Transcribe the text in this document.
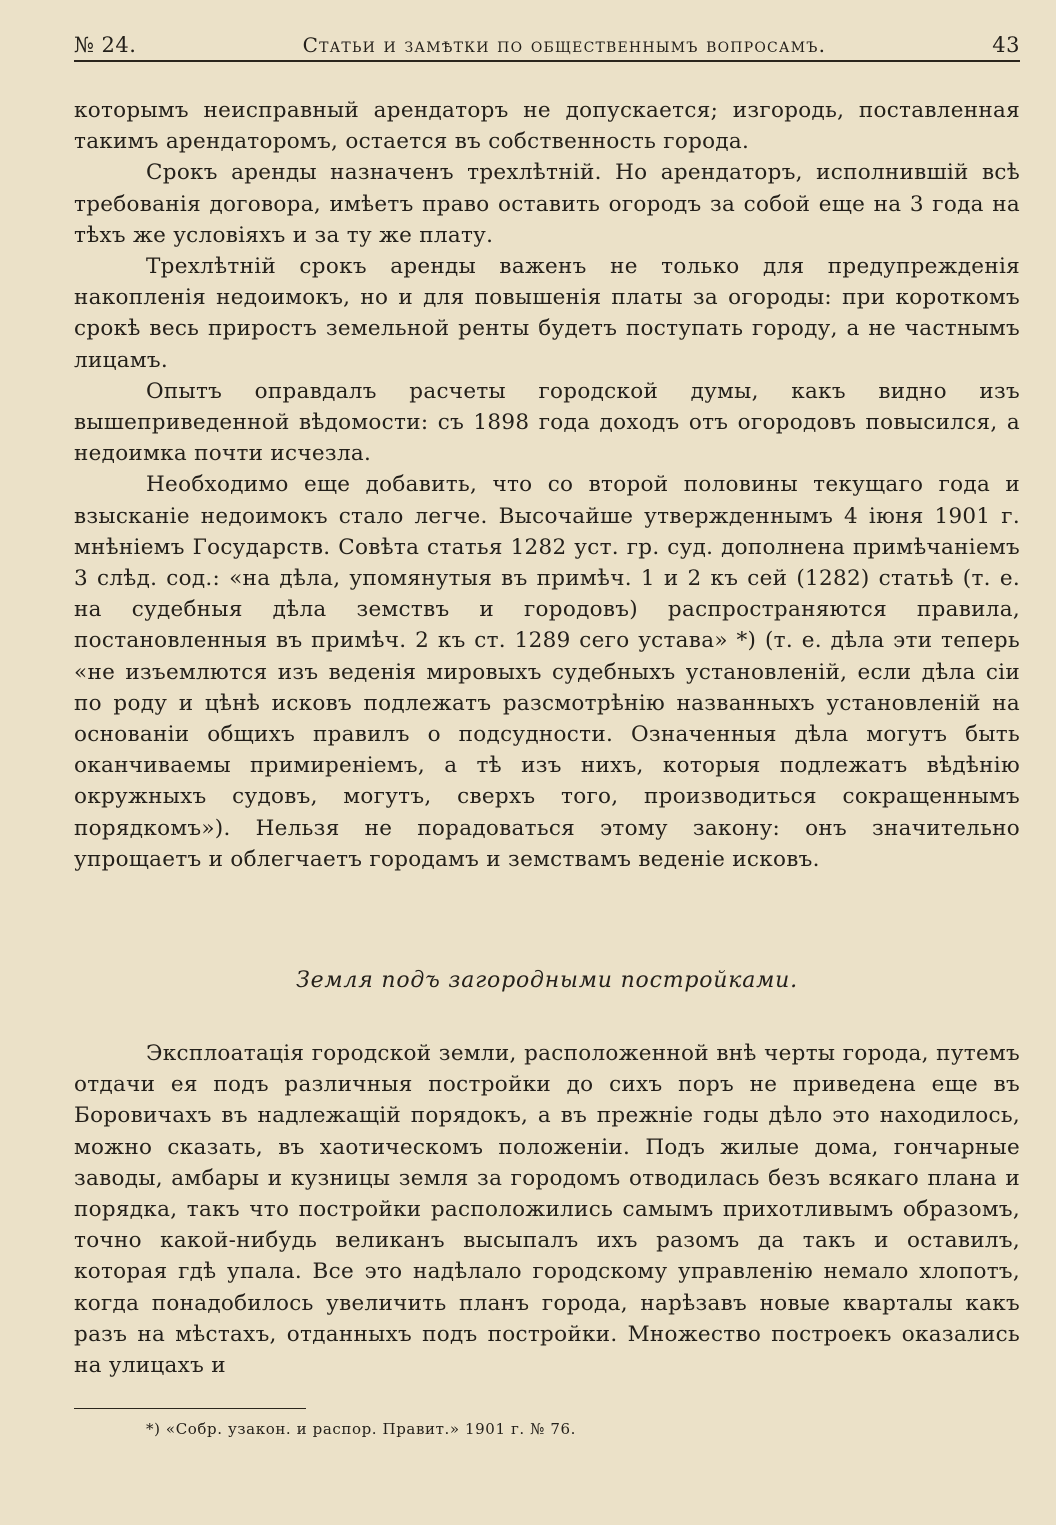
№ 24.	Статьи и замѣтки по общественнымъ вопросамъ.	43

которымъ неисправный арендаторъ не допускается; изгородь, поставленная такимъ арендаторомъ, остается въ собственность города.

Срокъ аренды назначенъ трехлѣтній. Но арендаторъ, исполнившій всѣ требованія договора, имѣетъ право оставить огородъ за собой еще на 3 года на тѣхъ же условіяхъ и за ту же плату.

Трехлѣтній срокъ аренды важенъ не только для предупрежденія накопленія недоимокъ, но и для повышенія платы за огороды: при короткомъ срокѣ весь приростъ земельной ренты будетъ поступать городу, а не частнымъ лицамъ.

Опытъ оправдалъ расчеты городской думы, какъ видно изъ вышеприведенной вѣдомости: съ 1898 года доходъ отъ огородовъ повысился, а недоимка почти исчезла.

Необходимо еще добавить, что со второй половины текущаго года и взысканіе недоимокъ стало легче. Высочайше утвержденнымъ 4 іюня 1901 г. мнѣніемъ Государств. Совѣта статья 1282 уст. гр. суд. дополнена примѣчаніемъ 3 слѣд. сод.: «на дѣла, упомянутыя въ примѣч. 1 и 2 къ сей (1282) статьѣ (т. е. на судебныя дѣла земствъ и городовъ) распространяются правила, постановленныя въ примѣч. 2 къ ст. 1289 сего устава» *) (т. е. дѣла эти теперь «не изъемлются изъ веденія мировыхъ судебныхъ установленій, если дѣла сіи по роду и цѣнѣ исковъ подлежатъ разсмотрѣнію названныхъ установленій на основаніи общихъ правилъ о подсудности. Означенныя дѣла могутъ быть оканчиваемы примиреніемъ, а тѣ изъ нихъ, которыя подлежатъ вѣдѣнію окружныхъ судовъ, могутъ, сверхъ того, производиться сокращеннымъ порядкомъ»). Нельзя не порадоваться этому закону: онъ значительно упрощаетъ и облегчаетъ городамъ и земствамъ веденіе исковъ.

Земля подъ загородными постройками.

Эксплоатація городской земли, расположенной внѣ черты города, путемъ отдачи ея подъ различныя постройки до сихъ поръ не приведена еще въ Боровичахъ въ надлежащій порядокъ, а въ прежніе годы дѣло это находилось, можно сказать, въ хаотическомъ положеніи. Подъ жилые дома, гончарные заводы, амбары и кузницы земля за городомъ отводилась безъ всякаго плана и порядка, такъ что постройки расположились самымъ прихотливымъ образомъ, точно какой-нибудь великанъ высыпалъ ихъ разомъ да такъ и оставилъ, которая гдѣ упала. Все это надѣлало городскому управленію немало хлопотъ, когда понадобилось увеличить планъ города, нарѣзавъ новые кварталы какъ разъ на мѣстахъ, отданныхъ подъ постройки. Множество построекъ оказались на улицахъ и

*) «Собр. узакон. и распор. Правит.» 1901 г. № 76.
